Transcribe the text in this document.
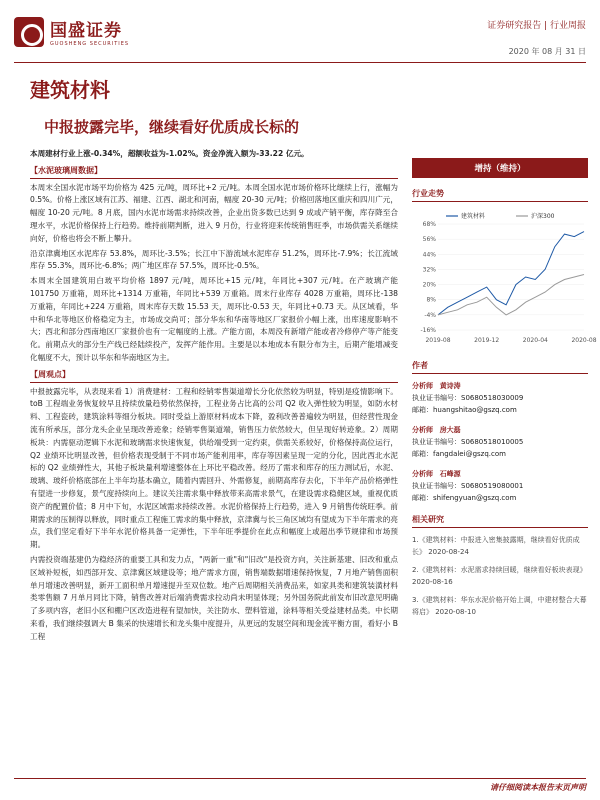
国盛证券
GUOSHENG SECURITIES
证券研究报告 | 行业周报
2020 年 08 月 31 日
建筑材料
中报披露完毕，继续看好优质成长标的

本周建材行业上涨-0.34%，超额收益为-1.02%。资金净流入额为-33.22 亿元。

【水泥玻璃周数据】

本周末全国水泥市场平均价格为 425 元/吨，周环比+2 元/吨。本周全国水泥市场价格环比继续上行，涨幅为 0.5%。价格上涨区域有江苏、福建、江西、湖北和河南，幅度 20-30 元/吨；价格回落地区重庆和四川广元，幅度 10-20 元/吨。8 月底，国内水泥市场需求持续改善，企业出货多数已达到 9 成或产销平衡，库存降至合理水平，水泥价格保持上行趋势。维持前期判断，进入 9 月份，行业将迎来传统销售旺季，市场供需关系继续向好，价格也将会不断上攀升。

沿京津冀地区水泥库存 53.8%，周环比-3.5%；长江中下游流域水泥库存 51.2%，周环比-7.9%；长江流域库存 55.3%，周环比-6.8%；两广地区库存 57.5%，周环比-0.5%。

本周末全国建筑用白玻平均价格 1897 元/吨，周环比+15 元/吨，年同比+307 元/吨。在产玻璃产能 101750 万重箱，周环比+1314 万重箱，年同比+539 万重箱。周末行业库存 4028 万重箱，周环比-138 万重箱，年同比+224 万重箱，周末库存天数 15.53 天，周环比-0.53 天，年同比+0.73 天。从区域看，华中和华北等地区价格稳定为主，市场成交尚可；部分华东和华南等地区厂家报价小幅上涨，出库速度影响不大；西北和部分西南地区厂家报价也有一定幅度的上涨。产能方面，本周没有新增产能或者冷修停产等产能变化。前期点火的部分生产线已经陆续投产，发挥产能作用。主要是以本地成本有限分布为主，后期产能增减变化幅度不大，预计以华东和华南地区为主。

【周观点】

中报披露完毕，从表现来看 1）消费建材：工程和经销零售渠道增长分化依然较为明显，特别是疫情影响下。toB 工程端业务恢复较早且持续放量趋势依然保持，工程业务占比高的公司 Q2 收入弹性较为明显，如防水材料、工程瓷砖，建筑涂料等细分板块。同时受益上游原材料成本下降，盈利改善普遍较为明显，但经营性现金流有所承压，部分龙头企业呈现改善迹象；经销零售渠道端，销售压力依然较大，但呈现好转迹象。2）周期板块：内需驱动逻辑下水泥和玻璃需求快速恢复，供给端受到一定约束，供需关系较好，价格保持高位运行，Q2 业绩环比明显改善，但价格表现受制于不同市场产能利用率，库存等因素呈现一定的分化，因此西北水泥标的 Q2 业绩弹性大，其他子板块量利增速整体在上环比平稳改善。经历了需求和库存的压力测试后，水泥、玻璃、玻纤价格底部在上半年均基本确立，随着内需回升、外需修复，前期高库存去化，下半年产品价格弹性有望进一步修复，景气度持续向上。建议关注需求集中释放带来高需求景气，在建设需求稳健区域，重视优质资产的配置价值；8 月中下旬，水泥区域需求持续改善。水泥价格保持上行趋势，进入 9 月销售传统旺季。前期需求的压制得以释放，同时重点工程施工需求的集中释放，京津冀与长三角区域均有望成为下半年需求的亮点，我们坚定看好下半年水泥价格具备一定弹性，下半年旺季提价在此点和幅度上或超出季节规律和市场预期。

内需投资端基建仍为稳经济的重要工具和发力点，"两新一重"和"旧改"是投资方向，关注新基建、旧改和重点区域补短板，如西部开发、京津冀区域建设等；地产需求方面，销售端数据增速保持恢复，7 月地产销售面积单月增速改善明显，新开工面积单月增速提升至双位数。地产后周期相关消费品来，如家具类和建筑装潢材料类零售额 7 月单月同比下降，销售改善对后端消费需求拉动尚未明显体现；另外国务院此前发布旧改意见明确了多项内容，老旧小区和棚户区改造进程有望加快，关注防水、塑料管道，涂料等相关受益建材品类。中长期来看，我们继续强调大 B 集采的快速增长和龙头集中度提升，从更远的发展空间和现金流平衡方面，看好小 B 工程

增持（维持）
行业走势
-16%
-4%
8%
20%
32%
44%
56%
68%
2019-08	2019-12	2020-04	2020-08
建筑材料	沪深300
作者
分析师 黄诗涛
执业证书编号：S0680518030009
邮箱：huangshitao@gszq.com
分析师 房大磊
执业证书编号：S0680518010005
邮箱：fangdalei@gszq.com
分析师 石峰源
执业证书编号：S0680519080001
邮箱：shifengyuan@gszq.com
相关研究
1.《建筑材料：中报进入密集披露期，继续看好优质成长》 2020-08-24
2.《建筑材料：水泥需求持续回暖，继续看好板块表现》 2020-08-16
3.《建筑材料：华东水泥价格开始上调，中建材整合大幕将启》 2020-08-10
请仔细阅读本报告末页声明
